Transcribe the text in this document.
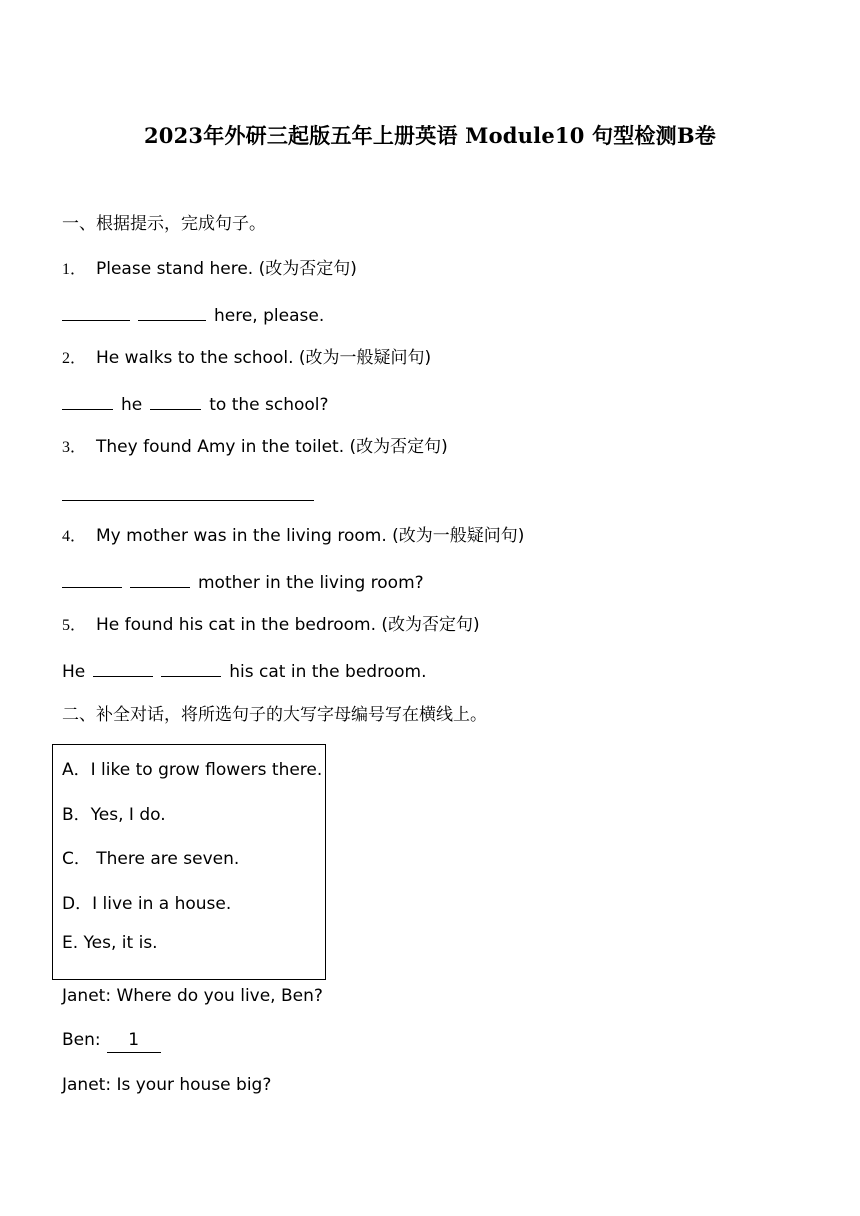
2023年外研三起版五年上册英语 Module10 句型检测B卷
一、根据提示，完成句子。
1． Please stand here. (改为否定句)
here, please.
2． He walks to the school. (改为一般疑问句)
he	to the school?
3． They found Amy in the toilet. (改为否定句)
4． My mother was in the living room. (改为一般疑问句)
mother in the living room?
5． He found his cat in the bedroom. (改为否定句)
He	his cat in the bedroom.
二、补全对话，将所选句子的大写字母编号写在横线上。
A．I like to grow flowers there.
B．Yes, I do.
C． There are seven.
D．I live in a house.
E. Yes, it is.
Janet: Where do you live, Ben?
Ben: 1
Janet: Is your house big?
